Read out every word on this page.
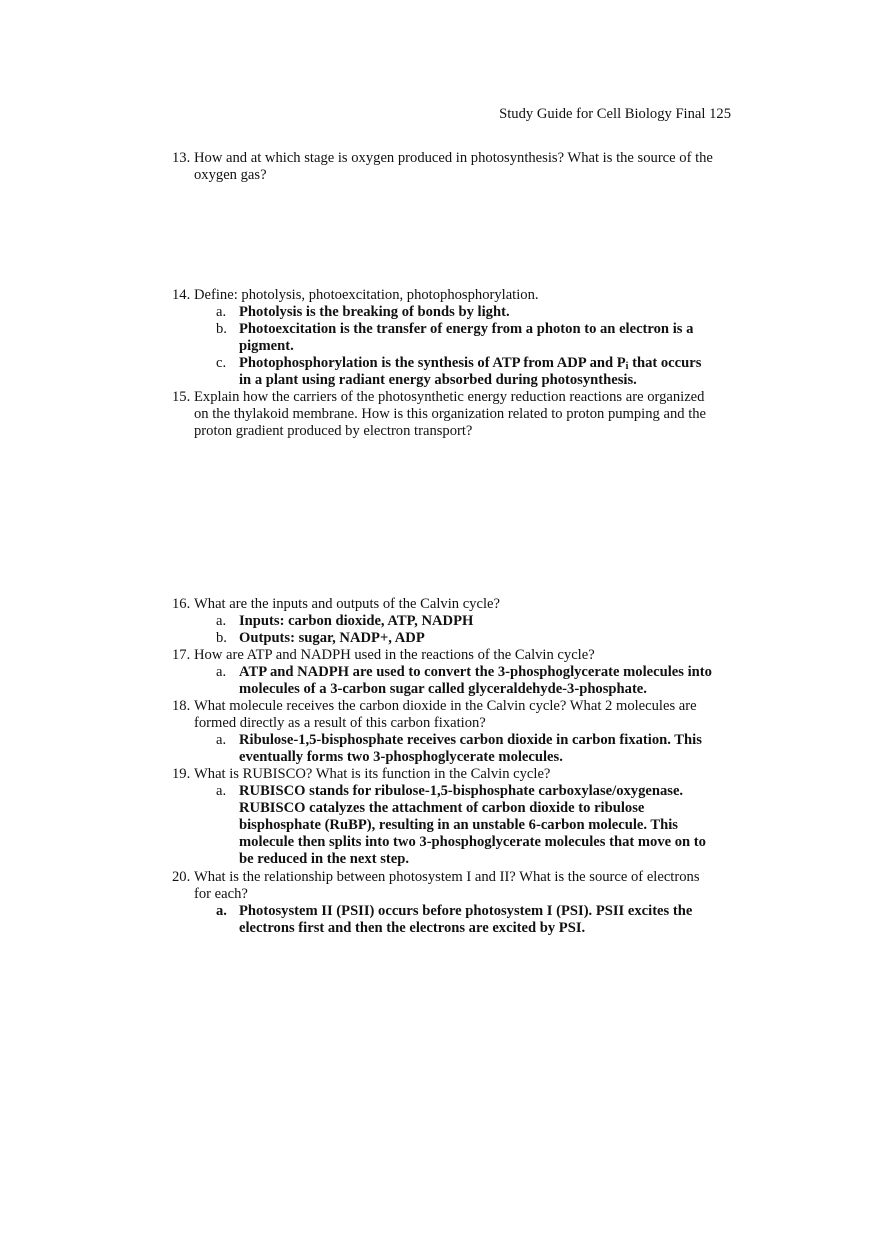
Study Guide for Cell Biology Final 125
13. How and at which stage is oxygen produced in photosynthesis? What is the source of the
oxygen gas?
14. Define: photolysis, photoexcitation, photophosphorylation.
a. Photolysis is the breaking of bonds by light.
b. Photoexcitation is the transfer of energy from a photon to an electron is a
pigment.
c. Photophosphorylation is the synthesis of ATP from ADP and $P_i$ that occurs
in a plant using radiant energy absorbed during photosynthesis.
15. Explain how the carriers of the photosynthetic energy reduction reactions are organized
on the thylakoid membrane. How is this organization related to proton pumping and the
proton gradient produced by electron transport?
16. What are the inputs and outputs of the Calvin cycle?
a. Inputs: carbon dioxide, ATP, NADPH
b. Outputs: sugar, NADP+, ADP
17. How are ATP and NADPH used in the reactions of the Calvin cycle?
a. ATP and NADPH are used to convert the 3-phosphoglycerate molecules into
molecules of a 3-carbon sugar called glyceraldehyde-3-phosphate.
18. What molecule receives the carbon dioxide in the Calvin cycle? What 2 molecules are
formed directly as a result of this carbon fixation?
a. Ribulose-1,5-bisphosphate receives carbon dioxide in carbon fixation. This
eventually forms two 3-phosphoglycerate molecules.
19. What is RUBISCO? What is its function in the Calvin cycle?
a. RUBISCO stands for ribulose-1,5-bisphosphate carboxylase/oxygenase.
RUBISCO catalyzes the attachment of carbon dioxide to ribulose
bisphosphate (RuBP), resulting in an unstable 6-carbon molecule. This
molecule then splits into two 3-phosphoglycerate molecules that move on to
be reduced in the next step.
20. What is the relationship between photosystem I and II? What is the source of electrons
for each?
a. Photosystem II (PSII) occurs before photosystem I (PSI). PSII excites the
electrons first and then the electrons are excited by PSI.
